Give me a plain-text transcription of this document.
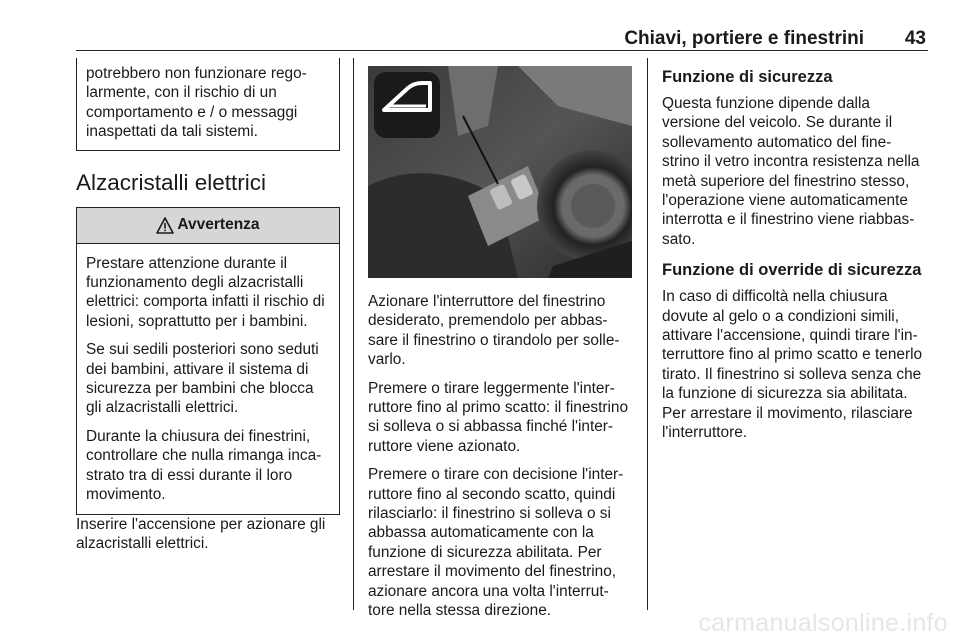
Chiavi, portiere e finestrini 43

potrebbero non funzionare rego-larmente, con il rischio di un comportamento e / o messaggi inaspettati da tali sistemi.

Alzacristalli elettrici
Avvertenza

Prestare attenzione durante il funzionamento degli alzacristalli elettrici: comporta infatti il rischio di lesioni, soprattutto per i bambini.

Se sui sedili posteriori sono seduti dei bambini, attivare il sistema di sicurezza per bambini che blocca gli alzacristalli elettrici.

Durante la chiusura dei finestrini, controllare che nulla rimanga inca-strato tra di essi durante il loro movimento.

Inserire l'accensione per azionare gli alzacristalli elettrici.

Azionare l'interruttore del finestrino desiderato, premendolo per abbas-sare il finestrino o tirandolo per solle-varlo.

Premere o tirare leggermente l'inter-ruttore fino al primo scatto: il finestrino si solleva o si abbassa finché l'inter-ruttore viene azionato.

Premere o tirare con decisione l'inter-ruttore fino al secondo scatto, quindi rilasciarlo: il finestrino si solleva o si abbassa automaticamente con la funzione di sicurezza abilitata. Per arrestare il movimento del finestrino, azionare ancora una volta l'interrut-tore nella stessa direzione.

Funzione di sicurezza

Questa funzione dipende dalla versione del veicolo. Se durante il sollevamento automatico del fine-strino il vetro incontra resistenza nella metà superiore del finestrino stesso, l'operazione viene automaticamente interrotta e il finestrino viene riabbas-sato.

Funzione di override di sicurezza

In caso di difficoltà nella chiusura dovute al gelo o a condizioni simili, attivare l'accensione, quindi tirare l'in-terruttore fino al primo scatto e tenerlo tirato. Il finestrino si solleva senza che la funzione di sicurezza sia abilitata.

Per arrestare il movimento, rilasciare l'interruttore.

carmanualsonline.info
